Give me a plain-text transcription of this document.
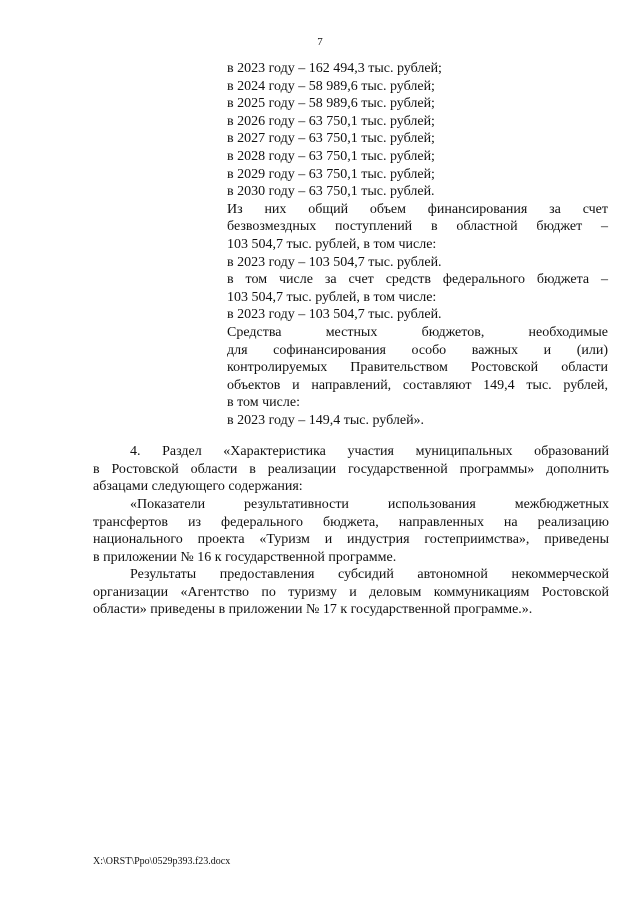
7
в 2023 году – 162 494,3 тыс. рублей;
в 2024 году – 58 989,6 тыс. рублей;
в 2025 году – 58 989,6 тыс. рублей;
в 2026 году – 63 750,1 тыс. рублей;
в 2027 году – 63 750,1 тыс. рублей;
в 2028 году – 63 750,1 тыс. рублей;
в 2029 году – 63 750,1 тыс. рублей;
в 2030 году – 63 750,1 тыс. рублей.
Из них общий объем финансирования за счет
безвозмездных поступлений в областной бюджет –
103 504,7 тыс. рублей, в том числе:
в 2023 году – 103 504,7 тыс. рублей.
в том числе за счет средств федерального бюджета –
103 504,7 тыс. рублей, в том числе:
в 2023 году – 103 504,7 тыс. рублей.
Средства местных бюджетов, необходимые
для софинансирования особо важных и (или)
контролируемых Правительством Ростовской области
объектов и направлений, составляют 149,4 тыс. рублей,
в том числе:
в 2023 году – 149,4 тыс. рублей».
4. Раздел «Характеристика участия муниципальных образований
в Ростовской области в реализации государственной программы» дополнить
абзацами следующего содержания:
«Показатели результативности использования межбюджетных
трансфертов из федерального бюджета, направленных на реализацию
национального проекта «Туризм и индустрия гостеприимства», приведены
в приложении № 16 к государственной программе.
Результаты предоставления субсидий автономной некоммерческой
организации «Агентство по туризму и деловым коммуникациям Ростовской
области» приведены в приложении № 17 к государственной программе.».
X:\ORST\Ppo\0529p393.f23.docx
